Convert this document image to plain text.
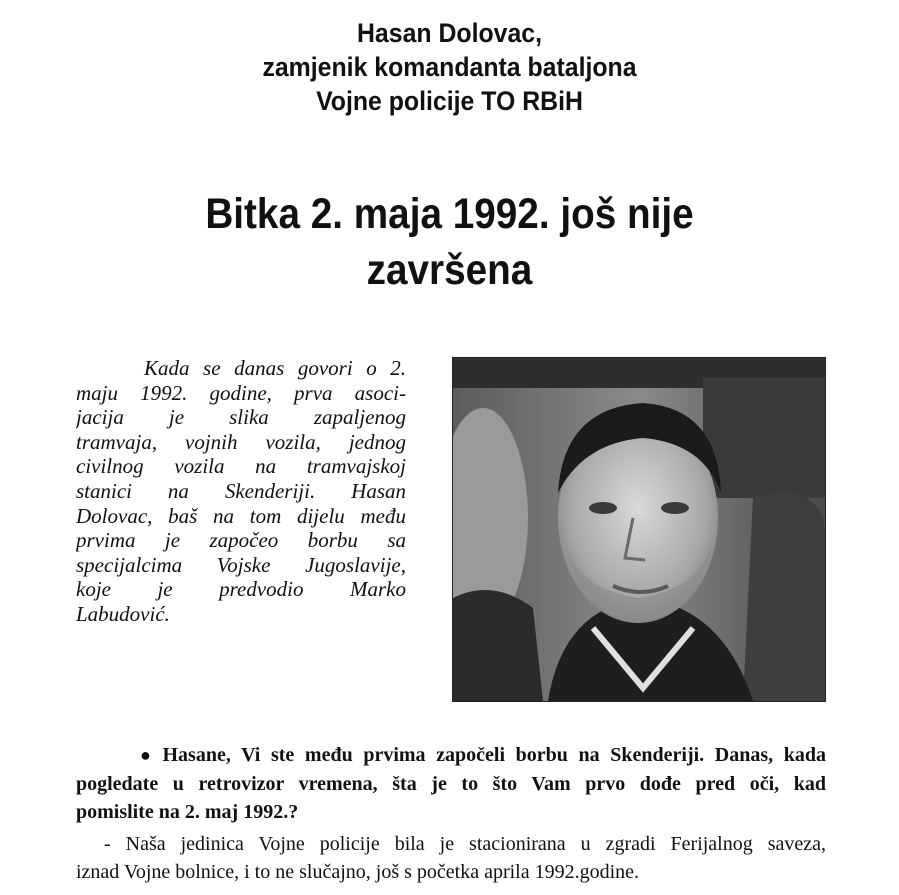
Hasan Dolovac,
zamjenik komandanta bataljona
Vojne policije TO RBiH
Bitka 2. maja 1992. još nije
završena
Kada se danas govori o 2.
maju 1992. godine, prva asoci-
jacija je slika zapaljenog
tramvaja, vojnih vozila, jednog
civilnog vozila na tramvajskoj
stanici na Skenderiji. Hasan
Dolovac, baš na tom dijelu među
prvima je započeo borbu sa
specijalcima Vojske Jugoslavije,
koje je predvodio Marko
Labudović.
● Hasane, Vi ste među prvima započeli borbu na Skenderiji. Danas, kada
pogledate u retrovizor vremena, šta je to što Vam prvo dođe pred oči, kad
pomislite na 2. maj 1992.?
- Naša jedinica Vojne policije bila je stacionirana u zgradi Ferijalnog saveza,
iznad Vojne bolnice, i to ne slučajno, još s početka aprila 1992.godine.
